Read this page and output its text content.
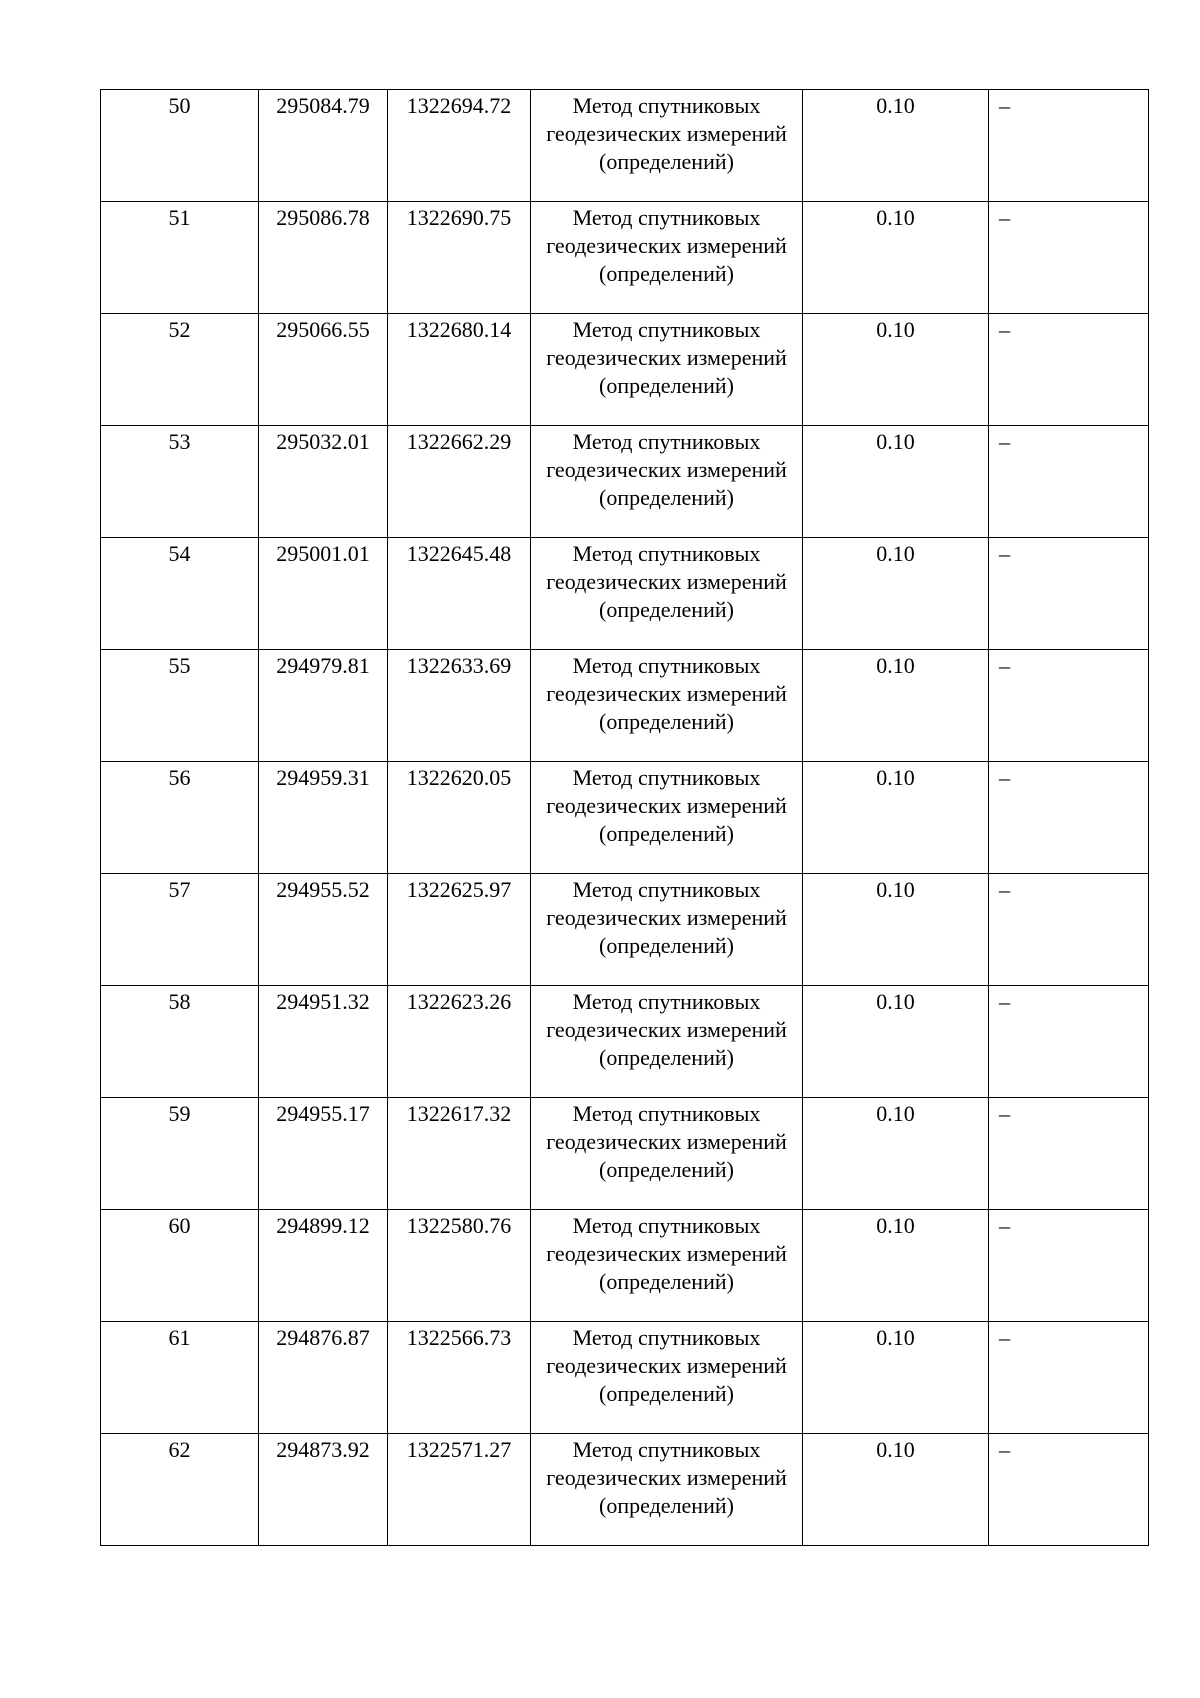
50	295084.79	1322694.72	Метод спутниковых геодезических измерений (определений)	0.10	–

51	295086.78	1322690.75	Метод спутниковых геодезических измерений (определений)	0.10	–

52	295066.55	1322680.14	Метод спутниковых геодезических измерений (определений)	0.10	–

53	295032.01	1322662.29	Метод спутниковых геодезических измерений (определений)	0.10	–

54	295001.01	1322645.48	Метод спутниковых геодезических измерений (определений)	0.10	–

55	294979.81	1322633.69	Метод спутниковых геодезических измерений (определений)	0.10	–

56	294959.31	1322620.05	Метод спутниковых геодезических измерений (определений)	0.10	–

57	294955.52	1322625.97	Метод спутниковых геодезических измерений (определений)	0.10	–

58	294951.32	1322623.26	Метод спутниковых геодезических измерений (определений)	0.10	–

59	294955.17	1322617.32	Метод спутниковых геодезических измерений (определений)	0.10	–

60	294899.12	1322580.76	Метод спутниковых геодезических измерений (определений)	0.10	–

61	294876.87	1322566.73	Метод спутниковых геодезических измерений (определений)	0.10	–

62	294873.92	1322571.27	Метод спутниковых геодезических измерений (определений)	0.10	–
